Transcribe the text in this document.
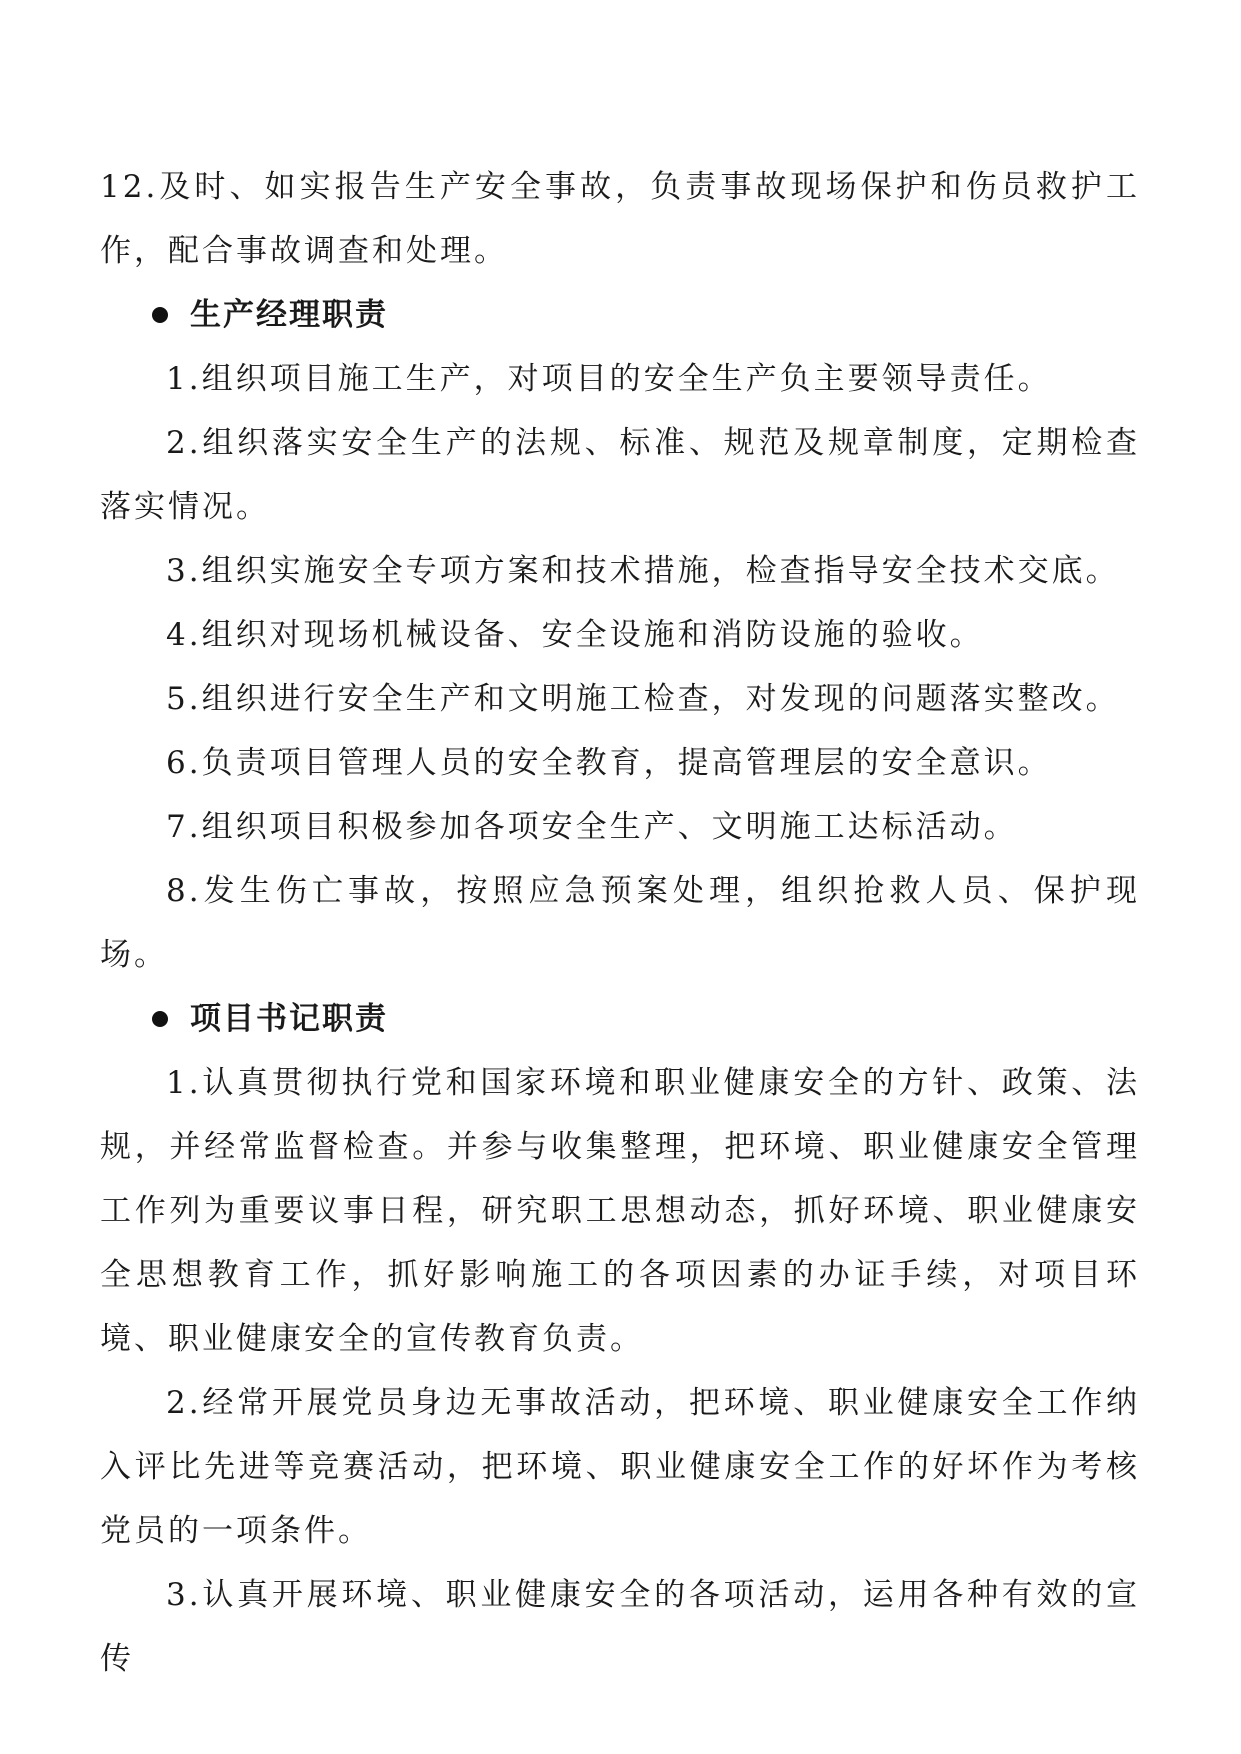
12.及时、如实报告生产安全事故，负责事故现场保护和伤员救护工作，配合事故调查和处理。

生产经理职责

1.组织项目施工生产，对项目的安全生产负主要领导责任。

2.组织落实安全生产的法规、标准、规范及规章制度，定期检查落实情况。

3.组织实施安全专项方案和技术措施，检查指导安全技术交底。

4.组织对现场机械设备、安全设施和消防设施的验收。

5.组织进行安全生产和文明施工检查，对发现的问题落实整改。

6.负责项目管理人员的安全教育，提高管理层的安全意识。

7.组织项目积极参加各项安全生产、文明施工达标活动。

8.发生伤亡事故，按照应急预案处理，组织抢救人员、保护现场。

项目书记职责

1.认真贯彻执行党和国家环境和职业健康安全的方针、政策、法规，并经常监督检查。并参与收集整理，把环境、职业健康安全管理工作列为重要议事日程，研究职工思想动态，抓好环境、职业健康安全思想教育工作，抓好影响施工的各项因素的办证手续，对项目环境、职业健康安全的宣传教育负责。

2.经常开展党员身边无事故活动，把环境、职业健康安全工作纳入评比先进等竞赛活动，把环境、职业健康安全工作的好坏作为考核党员的一项条件。

3.认真开展环境、职业健康安全的各项活动，运用各种有效的宣传
